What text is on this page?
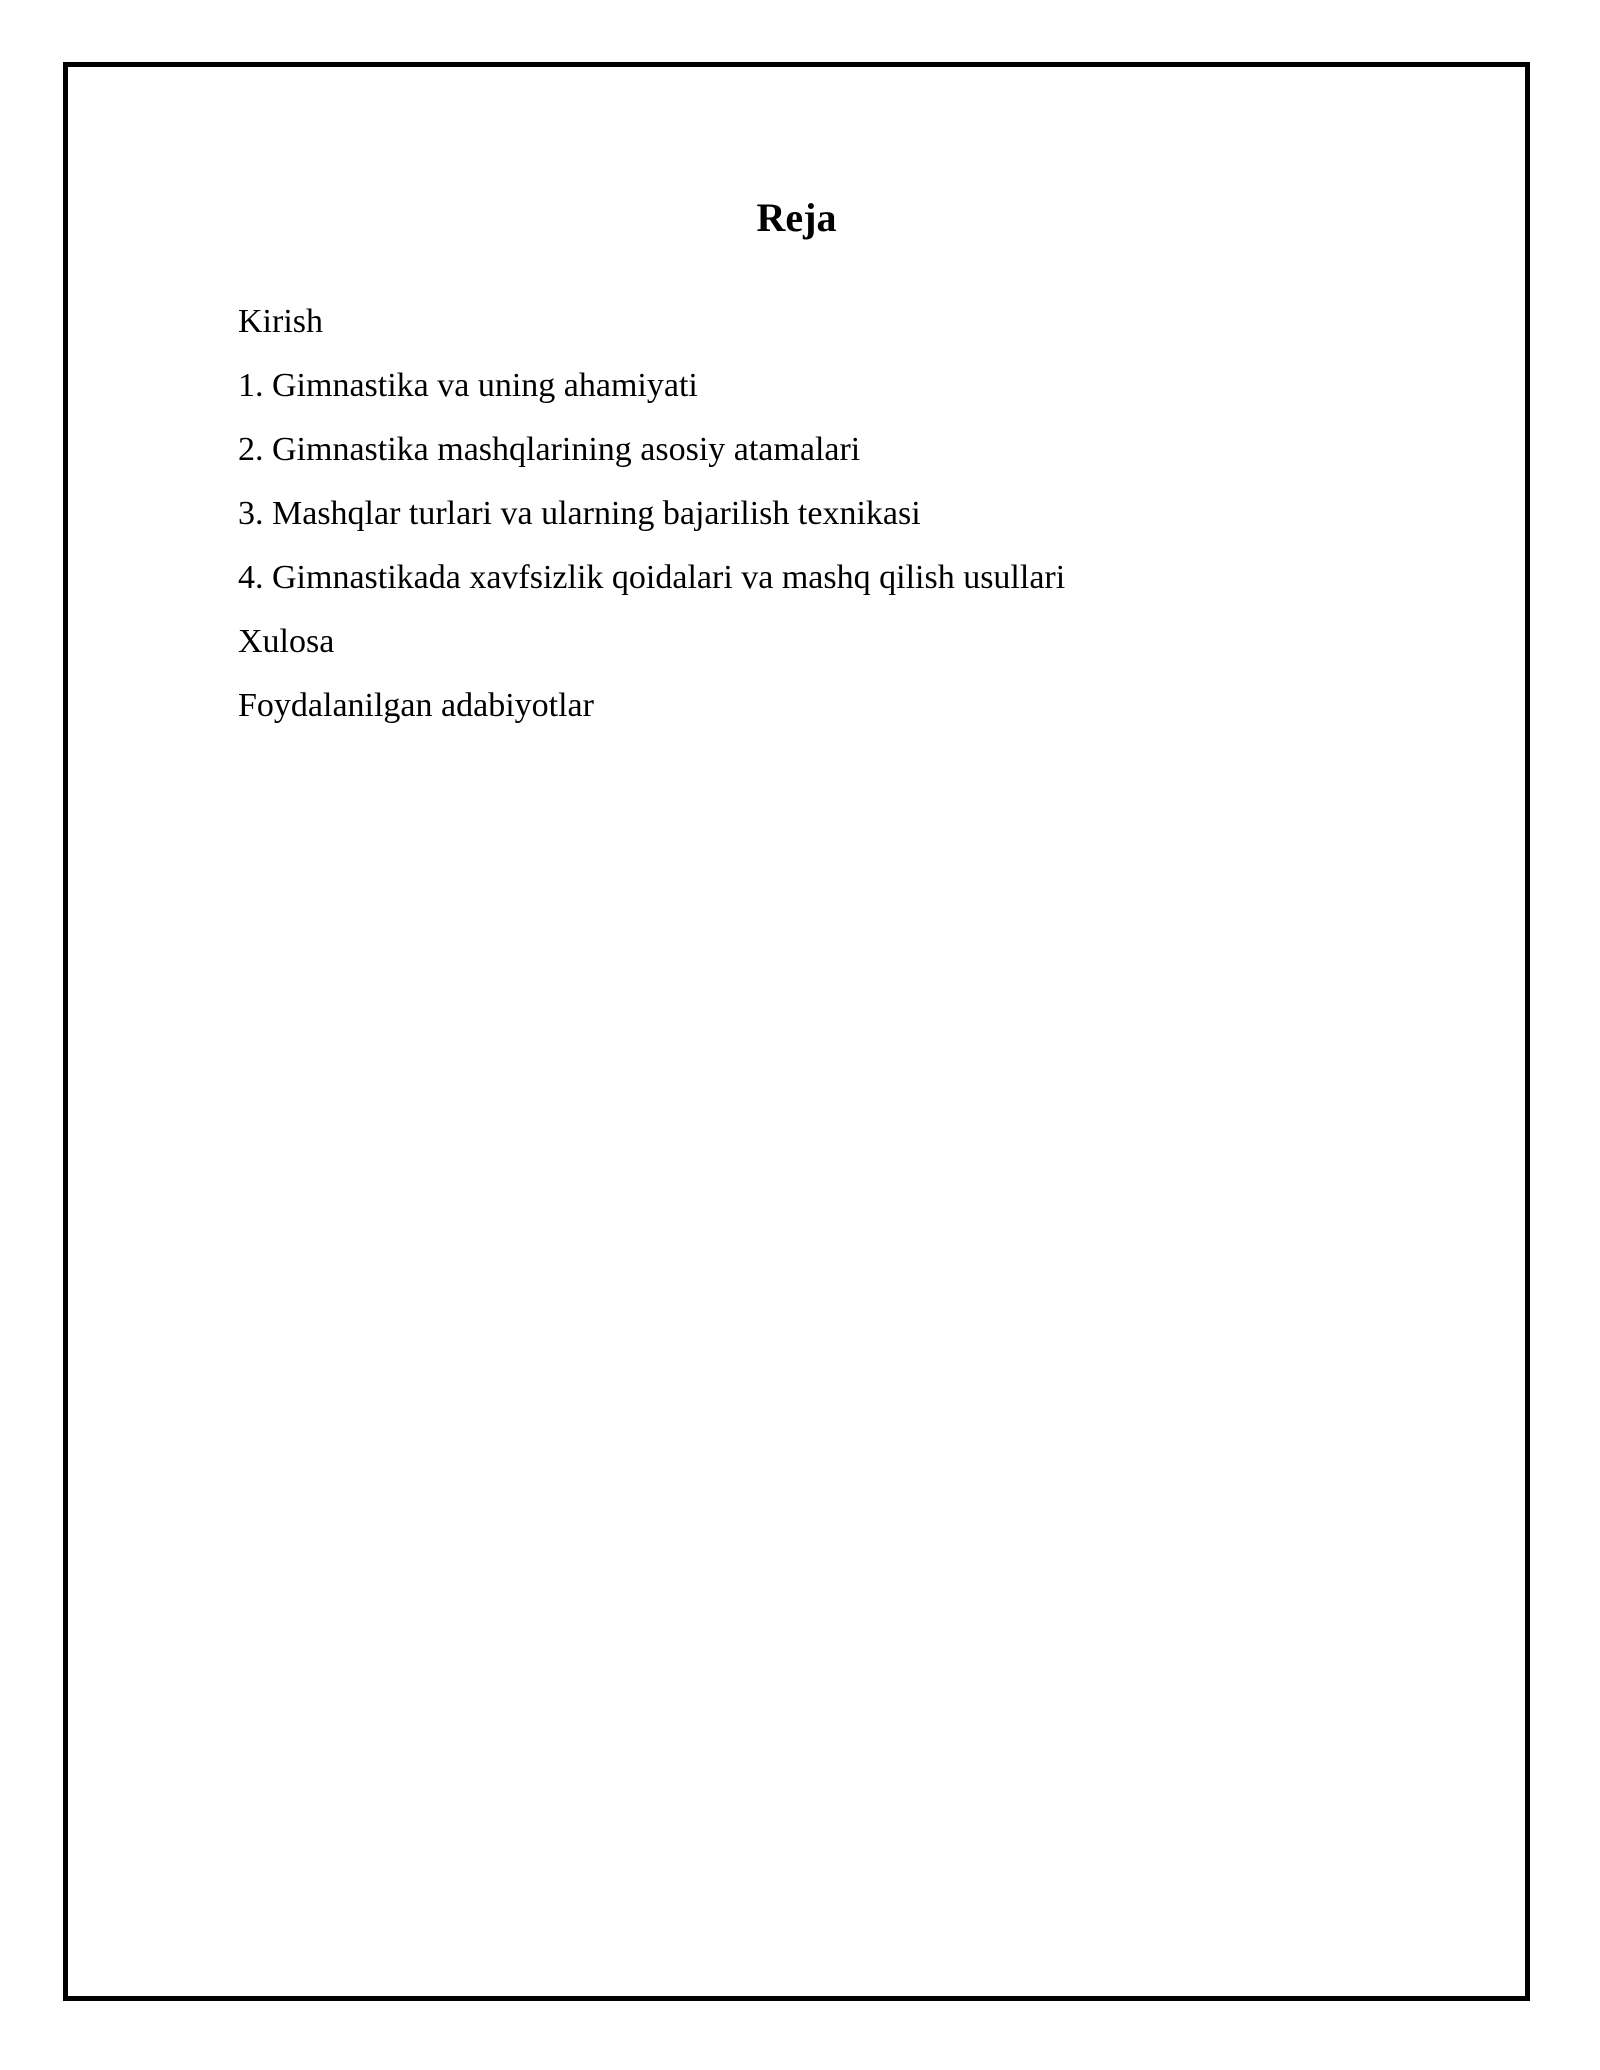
Reja
Kirish
1. Gimnastika va uning ahamiyati
2. Gimnastika mashqlarining asosiy atamalari
3. Mashqlar turlari va ularning bajarilish texnikasi
4. Gimnastikada xavfsizlik qoidalari va mashq qilish usullari
Xulosa
Foydalanilgan adabiyotlar
